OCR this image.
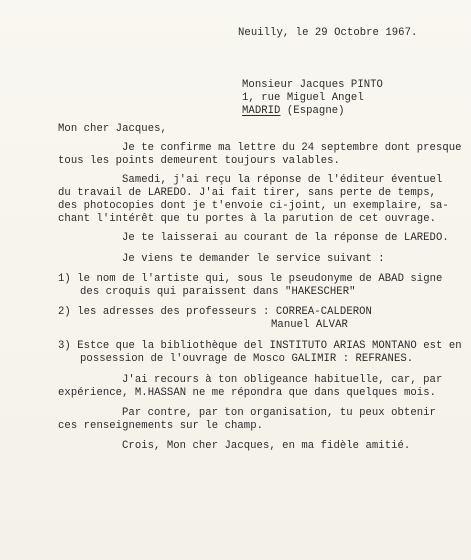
Neuilly, le 29 Octobre 1967.
Monsieur Jacques PINTO
1, rue Miguel Angel
MADRID (Espagne)
Mon cher Jacques,
Je te confirme ma lettre du 24 septembre dont presque
tous les points demeurent toujours valables.
Samedi, j'ai reçu la réponse de l'éditeur éventuel
du travail de LAREDO. J'ai fait tirer, sans perte de temps,
des photocopies dont je t'envoie ci-joint, un exemplaire, sa-
chant l'intérêt que tu portes à la parution de cet ouvrage.
Je te laisserai au courant de la réponse de LAREDO.
Je viens te demander le service suivant :
1) le nom de l'artiste qui, sous le pseudonyme de ABAD signe
des croquis qui paraissent dans "HAKESCHER"
2) les adresses des professeurs : CORREA-CALDERON
Manuel ALVAR
3) Estce que la bibliothèque del INSTITUTO ARIAS MONTANO est en
possession de l'ouvrage de Mosco GALIMIR : REFRANES.
J'ai recours à ton obligeance habituelle, car, par
expérience, M.HASSAN ne me répondra que dans quelques mois.
Par contre, par ton organisation, tu peux obtenir
ces renseignements sur le champ.
Crois, Mon cher Jacques, en ma fidèle amitié.
